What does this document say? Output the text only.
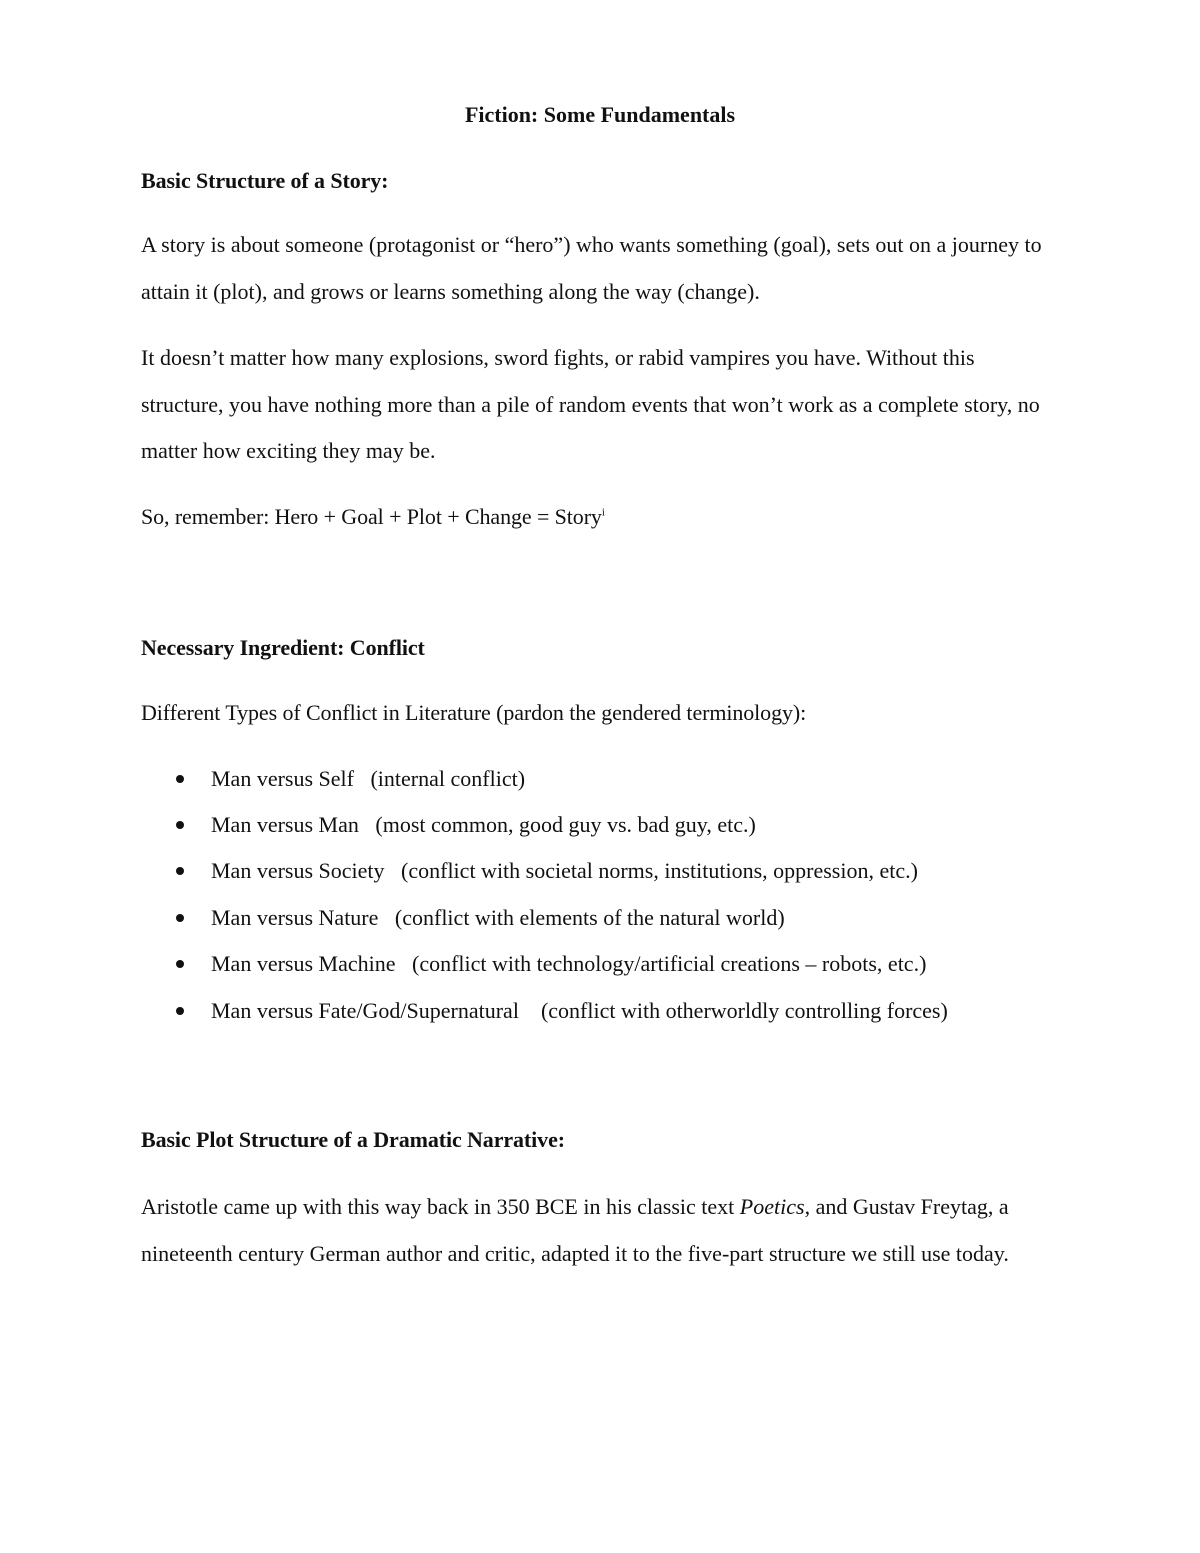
Fiction: Some Fundamentals
Basic Structure of a Story:
A story is about someone (protagonist or “hero”) who wants something (goal), sets out on a journey to attain it (plot), and grows or learns something along the way (change).
It doesn’t matter how many explosions, sword fights, or rabid vampires you have. Without this structure, you have nothing more than a pile of random events that won’t work as a complete story, no matter how exciting they may be.
So, remember: Hero + Goal + Plot + Change = Story$^i$
Necessary Ingredient: Conflict
Different Types of Conflict in Literature (pardon the gendered terminology):
Man versus Self (internal conflict)
Man versus Man (most common, good guy vs. bad guy, etc.)
Man versus Society (conflict with societal norms, institutions, oppression, etc.)
Man versus Nature (conflict with elements of the natural world)
Man versus Machine (conflict with technology/artificial creations – robots, etc.)
Man versus Fate/God/Supernatural (conflict with otherworldly controlling forces)
Basic Plot Structure of a Dramatic Narrative:
Aristotle came up with this way back in 350 BCE in his classic text Poetics, and Gustav Freytag, a nineteenth century German author and critic, adapted it to the five-part structure we still use today.
